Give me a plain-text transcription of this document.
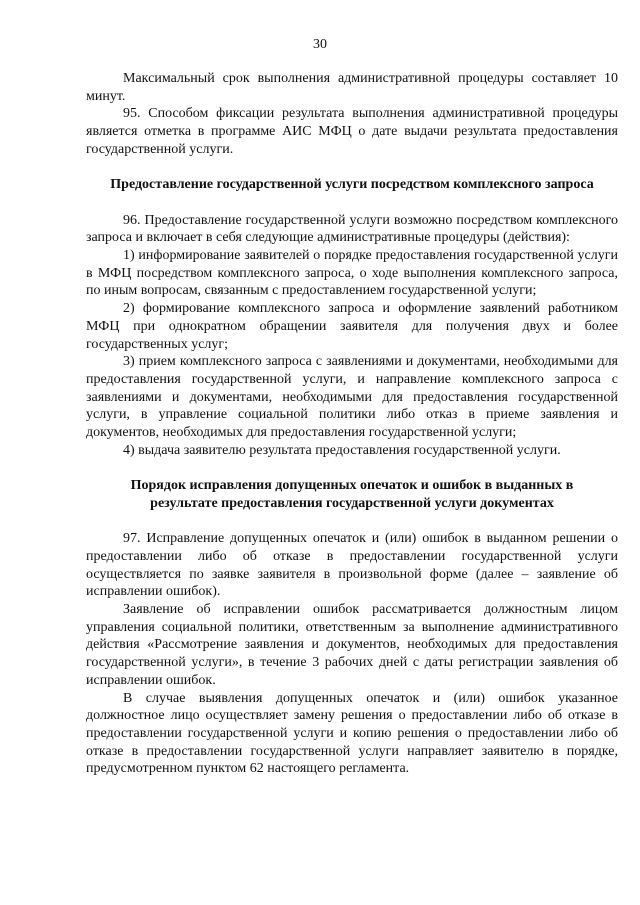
30

Максимальный срок выполнения административной процедуры составляет 10 минут.

95. Способом фиксации результата выполнения административной процедуры является отметка в программе АИС МФЦ о дате выдачи результата предоставления государственной услуги.

Предоставление государственной услуги посредством комплексного запроса

96. Предоставление государственной услуги возможно посредством комплексного запроса и включает в себя следующие административные процедуры (действия):

1) информирование заявителей о порядке предоставления государственной услуги в МФЦ посредством комплексного запроса, о ходе выполнения комплексного запроса, по иным вопросам, связанным с предоставлением государственной услуги;

2) формирование комплексного запроса и оформление заявлений работником МФЦ при однократном обращении заявителя для получения двух и более государственных услуг;

3) прием комплексного запроса с заявлениями и документами, необходимыми для предоставления государственной услуги, и направление комплексного запроса с заявлениями и документами, необходимыми для предоставления государственной услуги, в управление социальной политики либо отказ в приеме заявления и документов, необходимых для предоставления государственной услуги;

4) выдача заявителю результата предоставления государственной услуги.

Порядок исправления допущенных опечаток и ошибок в выданных в результате предоставления государственной услуги документах

97. Исправление допущенных опечаток и (или) ошибок в выданном решении о предоставлении либо об отказе в предоставлении государственной услуги осуществляется по заявке заявителя в произвольной форме (далее – заявление об исправлении ошибок).

Заявление об исправлении ошибок рассматривается должностным лицом управления социальной политики, ответственным за выполнение административного действия «Рассмотрение заявления и документов, необходимых для предоставления государственной услуги», в течение 3 рабочих дней с даты регистрации заявления об исправлении ошибок.

В случае выявления допущенных опечаток и (или) ошибок указанное должностное лицо осуществляет замену решения о предоставлении либо об отказе в предоставлении государственной услуги и копию решения о предоставлении либо об отказе в предоставлении государственной услуги направляет заявителю в порядке, предусмотренном пунктом 62 настоящего регламента.
